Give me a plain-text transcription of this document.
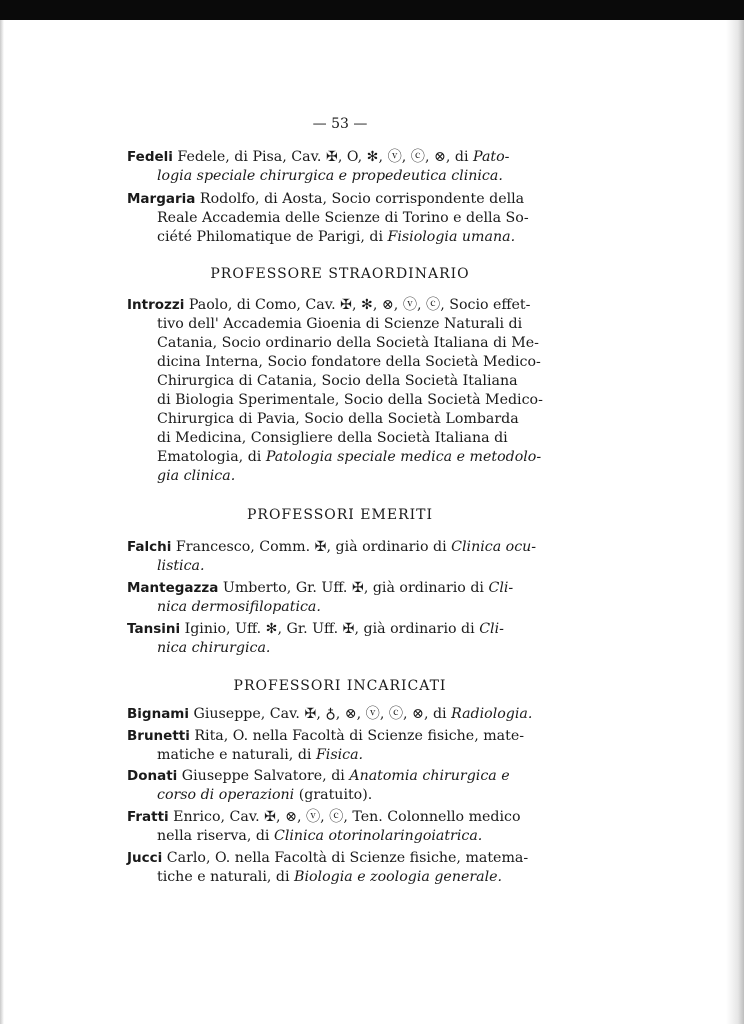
— 53 —
Fedeli Fedele, di Pisa, Cav. ✠, O, ✻, ⓥ, ⓒ, ⊗, di Pato-
logia speciale chirurgica e propedeutica clinica.
Margaria Rodolfo, di Aosta, Socio corrispondente della
Reale Accademia delle Scienze di Torino e della So-
ciété Philomatique de Parigi, di Fisiologia umana.
PROFESSORE STRAORDINARIO
Introzzi Paolo, di Como, Cav. ✠, ✻, ⊗, ⓥ, ⓒ, Socio effet-
tivo dell' Accademia Gioenia di Scienze Naturali di
Catania, Socio ordinario della Società Italiana di Me-
dicina Interna, Socio fondatore della Società Medico-
Chirurgica di Catania, Socio della Società Italiana
di Biologia Sperimentale, Socio della Società Medico-
Chirurgica di Pavia, Socio della Società Lombarda
di Medicina, Consigliere della Società Italiana di
Ematologia, di Patologia speciale medica e metodolo-
gia clinica.
PROFESSORI EMERITI
Falchi Francesco, Comm. ✠, già ordinario di Clinica ocu-
listica.
Mantegazza Umberto, Gr. Uff. ✠, già ordinario di Cli-
nica dermosifilopatica.
Tansini Iginio, Uff. ✻, Gr. Uff. ✠, già ordinario di Cli-
nica chirurgica.
PROFESSORI INCARICATI
Bignami Giuseppe, Cav. ✠, ♁, ⊗, ⓥ, ⓒ, ⊗, di Radiologia.
Brunetti Rita, O. nella Facoltà di Scienze fisiche, mate-
matiche e naturali, di Fisica.
Donati Giuseppe Salvatore, di Anatomia chirurgica e
corso di operazioni (gratuito).
Fratti Enrico, Cav. ✠, ⊗, ⓥ, ⓒ, Ten. Colonnello medico
nella riserva, di Clinica otorinolaringoiatrica.
Jucci Carlo, O. nella Facoltà di Scienze fisiche, matema-
tiche e naturali, di Biologia e zoologia generale.
